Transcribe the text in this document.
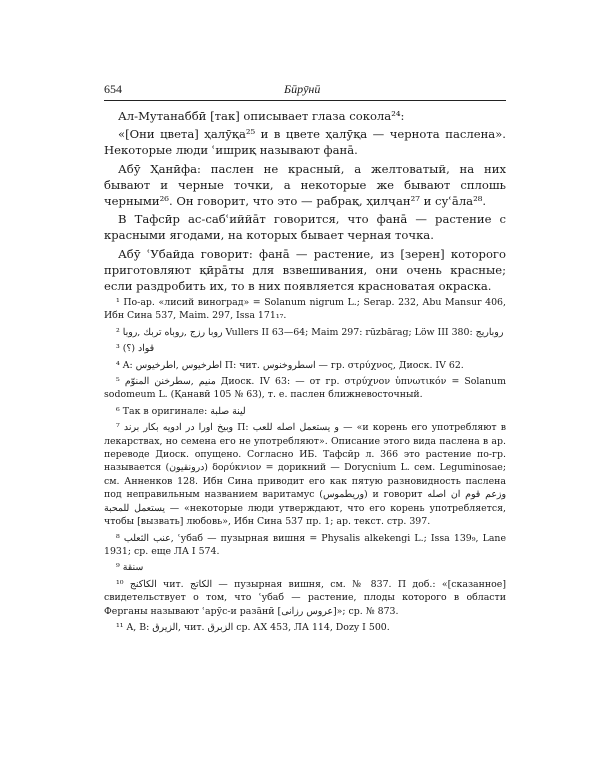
654	Бӣрӯнӣ

Ал-Мутанаббӣ [так] описывает глаза сокола²⁴:

«[Они цвета] ҳалӯқа²⁵ и в цвете ҳалӯқа — чернота паслена». Некоторые люди ʿишриқ называют фанā.

Абӯ Ҳанӣфа: паслен не красный, а желтоватый, на них бывают и черные точки, а некоторые же бывают сплошь черными²⁶. Он говорит, что это — рабрақ, ҳилҷан²⁷ и суʿāла²⁸.

В Тафсӣр ас-сабʿиййāт говорится, что фанā — растение с красными ягодами, на которых бывает черная точка.

Абӯ ʿУбайда говорит: фанā — растение, из [зерен] которого приготовляют қӣрāты для взвешивания, они очень красные; если раздробить их, то в них появляется красноватая окраска.

¹ По-ар. «лисий виноград» = Solanum nigrum L.; Serap. 232, Abu Mansur 406, Ибн Сина 537, Maim. 297, Issa 171₁₇.

² روبا رزج ,روباه تربك ,روبا Vullers II 63—64; Maim 297: rūzbārag; Löw III 380: روباريج

³ قواد (؟)

⁴ A: اطرخيوس ,اطرخيوس П: чит. اسطروخنوس — гр. στρύχνος, Диоск. IV 62.

⁵ منيم ,سطرخنن المنوّم Диоск. IV 63: — от гр. στρύχνον ὑπνωτικόν = Solanum sodomeum L. (Қанавӣ 105 № 63), т. е. паслен ближневосточный.

⁶ Так в оригинале: لينة صلبة

⁷ وبيخ اورا در ادويه بكار برند П: و يستعمل اصله للعب — «и корень его употребляют в лекарствах, но семена его не употребляют». Описание этого вида паслена в ар. переводе Диоск. опущено. Согласно ИБ. Тафсӣр л. 366 это растение по-гр. называется (درونقيون) δορύκνιον = дорикний — Dorycnium L. сем. Leguminosae; см. Анненков 128. Ибн Сина приводит его как пятую разновидность паслена под неправильным названием варитамус (وريطموس) и говорит وزعم قوم ان اصله يستعمل للمحبة — «некоторые люди утверждают, что его корень употребляется, чтобы [вызвать] любовь», Ибн Сина 537 пр. 1; ар. текст. стр. 397.

⁸ عنب الثعلب, ʿубаб — пузырная вишня = Physalis alkekengi L.; Issa 139₉, Lane 1931; ср. еще ЛА I 574.

⁹ سنقة

¹⁰ الكاكنج чит. الكاتج — пузырная вишня, см. № 837. П доб.: «[сказанное] свидетельствует о том, что ʿубаб — растение, плоды которого в области Ферганы называют ʿарӯс-и разāнӣ [عروس رزانى]»; ср. № 873.

¹¹ A, B: الزيرق, чит. الزبرق ср. АХ 453, ЛА 114, Dozy I 500.
